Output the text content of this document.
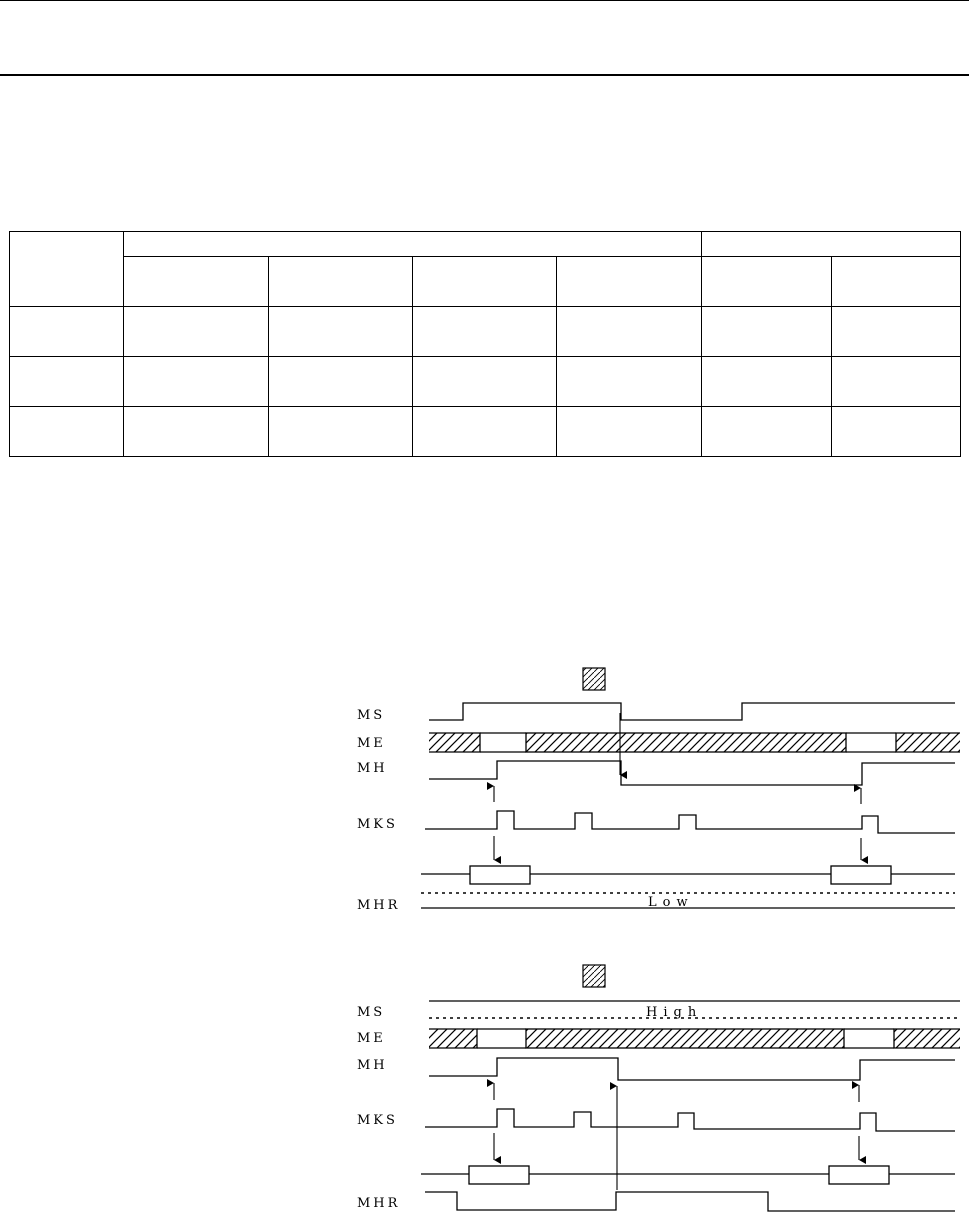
MS
ME
MH
MKS
MHR	Low
MS
ME
MH
MKS
MHR
High
